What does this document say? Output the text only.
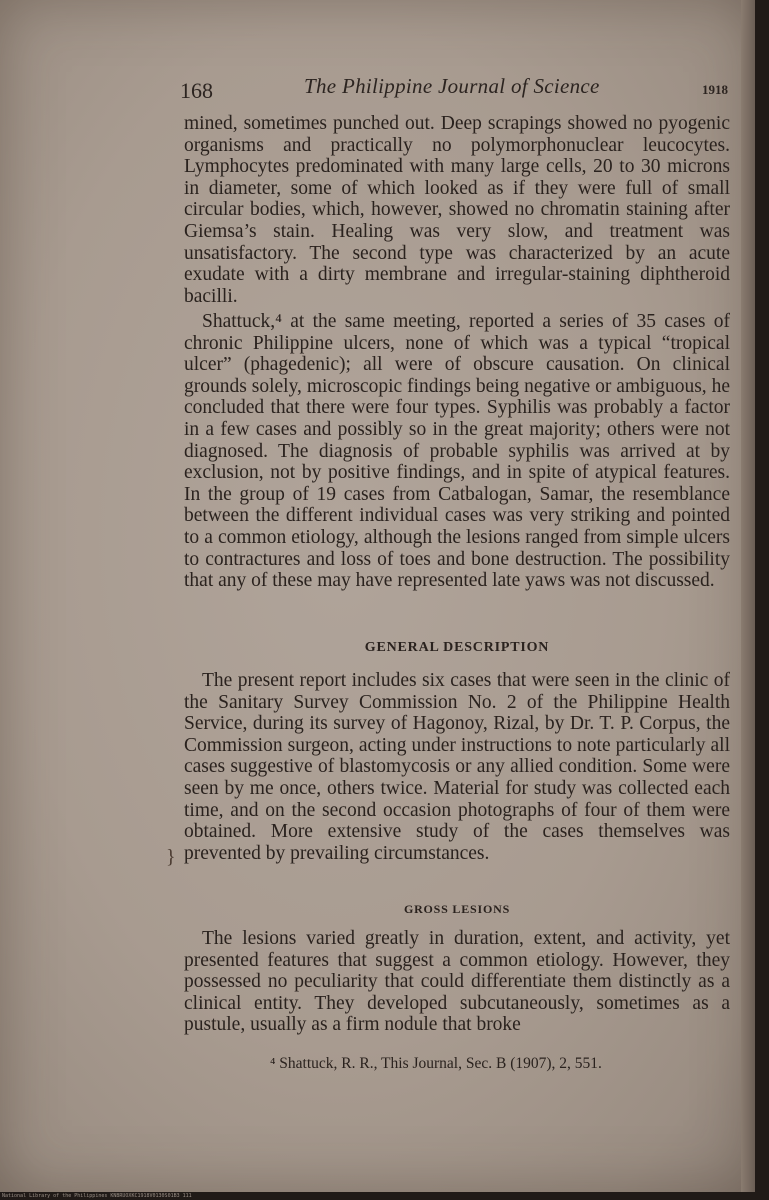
168	The Philippine Journal of Science	1918

mined, sometimes punched out. Deep scrapings showed no pyogenic organisms and practically no polymorphonuclear leucocytes. Lymphocytes predominated with many large cells, 20 to 30 microns in diameter, some of which looked as if they were full of small circular bodies, which, however, showed no chromatin staining after Giemsa’s stain. Healing was very slow, and treatment was unsatisfactory. The second type was characterized by an acute exudate with a dirty membrane and irregular-staining diphtheroid bacilli.

Shattuck,⁴ at the same meeting, reported a series of 35 cases of chronic Philippine ulcers, none of which was a typical “tropical ulcer” (phagedenic); all were of obscure causation. On clinical grounds solely, microscopic findings being negative or ambiguous, he concluded that there were four types. Syphilis was probably a factor in a few cases and possibly so in the great majority; others were not diagnosed. The diagnosis of probable syphilis was arrived at by exclusion, not by positive findings, and in spite of atypical features. In the group of 19 cases from Catbalogan, Samar, the resemblance between the different individual cases was very striking and pointed to a common etiology, although the lesions ranged from simple ulcers to contractures and loss of toes and bone destruction. The possibility that any of these may have represented late yaws was not discussed.

GENERAL DESCRIPTION

The present report includes six cases that were seen in the clinic of the Sanitary Survey Commission No. 2 of the Philippine Health Service, during its survey of Hagonoy, Rizal, by Dr. T. P. Corpus, the Commission surgeon, acting under instructions to note particularly all cases suggestive of blastomycosis or any allied condition. Some were seen by me once, others twice. Material for study was collected each time, and on the second occasion photographs of four of them were obtained. More extensive study of the cases themselves was prevented by prevailing circumstances.

}
GROSS LESIONS

The lesions varied greatly in duration, extent, and activity, yet presented features that suggest a common etiology. However, they possessed no peculiarity that could differentiate them distinctly as a clinical entity. They developed subcutaneously, sometimes as a pustule, usually as a firm nodule that broke

⁴ Shattuck, R. R., This Journal, Sec. B (1907), 2, 551.

National Library of the Philippines KNBRUOXKC1918V0130S01B3 111
